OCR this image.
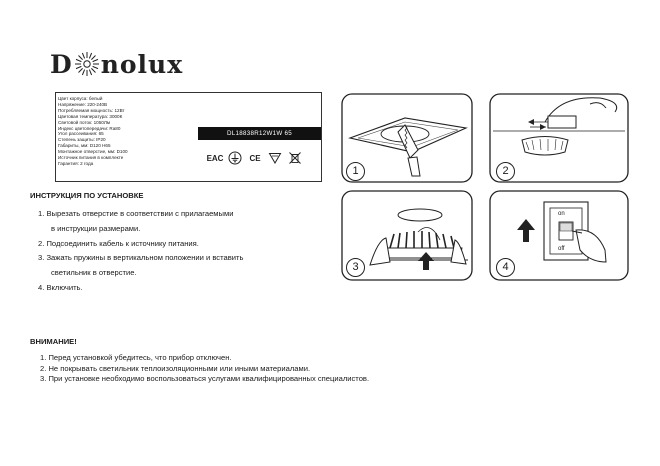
D nolux
Цвет корпуса: белый
Напряжение: 220-240В
Потребляемая мощность: 12Вт
Цветовая температура: 3000К
Световой поток: 1050Лм
Индекс цветопередачи: Ra80
Угол рассеивания: 65
Степень защиты: IP20
Габариты, мм: D120 H65
Монтажное отверстие, мм: D100
Источник питания в комплекте
Гарантия: 2 года
DL18838R12W1W 65
EAC	CE
1	2
3	4
on
off
ИНСТРУКЦИЯ ПО УСТАНОВКЕ
1. Вырезать отверстие в соответствии с прилагаемыми
в инструкции размерами.
2. Подсоединить кабель к источнику питания.
3. Зажать пружины в вертикальном положении и вставить
светильник в отверстие.
4. Включить.
ВНИМАНИЕ!
1. Перед установкой убедитесь, что прибор отключен.
2. Не покрывать светильник теплоизоляционными или иными материалами.
3. При установке необходимо воспользоваться услугами квалифицированных специалистов.
